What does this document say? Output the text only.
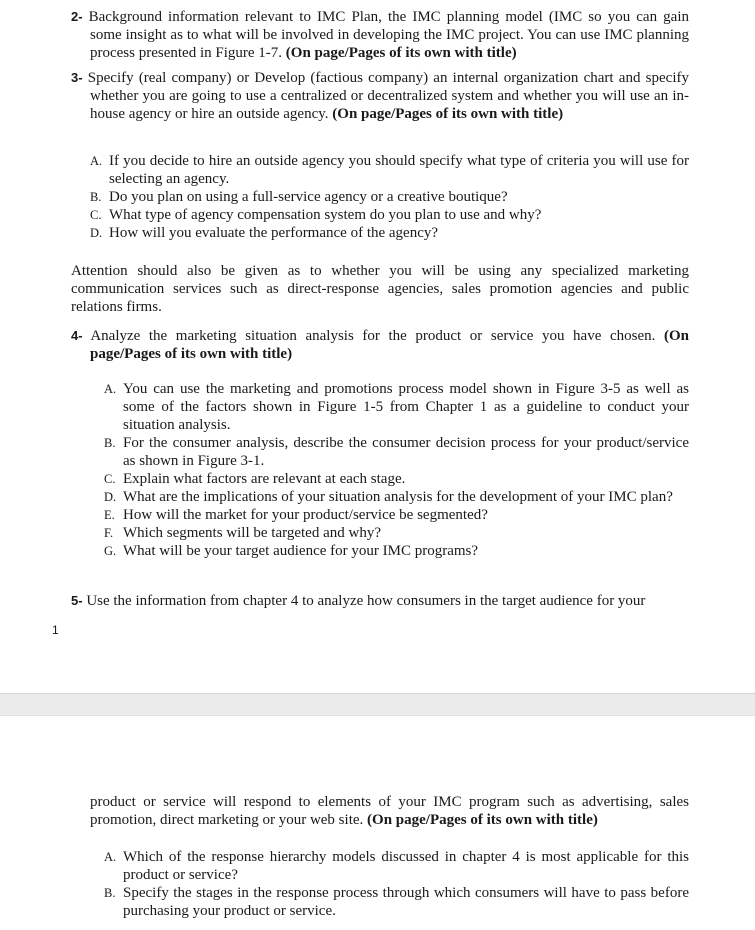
2- Background information relevant to IMC Plan, the IMC planning model (IMC so you can gain some insight as to what will be involved in developing the IMC project. You can use IMC planning process presented in Figure 1-7. (On page/Pages of its own with title)

3- Specify (real company) or Develop (factious company) an internal organization chart and specify whether you are going to use a centralized or decentralized system and whether you will use an in-house agency or hire an outside agency. (On page/Pages of its own with title)

A. If you decide to hire an outside agency you should specify what type of criteria you will use for selecting an agency.
B. Do you plan on using a full-service agency or a creative boutique?
C. What type of agency compensation system do you plan to use and why?
D. How will you evaluate the performance of the agency?

Attention should also be given as to whether you will be using any specialized marketing communication services such as direct-response agencies, sales promotion agencies and public relations firms.

4- Analyze the marketing situation analysis for the product or service you have chosen. (On page/Pages of its own with title)

A. You can use the marketing and promotions process model shown in Figure 3-5 as well as some of the factors shown in Figure 1-5 from Chapter 1 as a guideline to conduct your situation analysis.
B. For the consumer analysis, describe the consumer decision process for your product/service as shown in Figure 3-1.
C. Explain what factors are relevant at each stage.
D. What are the implications of your situation analysis for the development of your IMC plan?
E. How will the market for your product/service be segmented?
F. Which segments will be targeted and why?
G. What will be your target audience for your IMC programs?

5- Use the information from chapter 4 to analyze how consumers in the target audience for your

1

product or service will respond to elements of your IMC program such as advertising, sales promotion, direct marketing or your web site. (On page/Pages of its own with title)

A. Which of the response hierarchy models discussed in chapter 4 is most applicable for this product or service?
B. Specify the stages in the response process through which consumers will have to pass before purchasing your product or service.
